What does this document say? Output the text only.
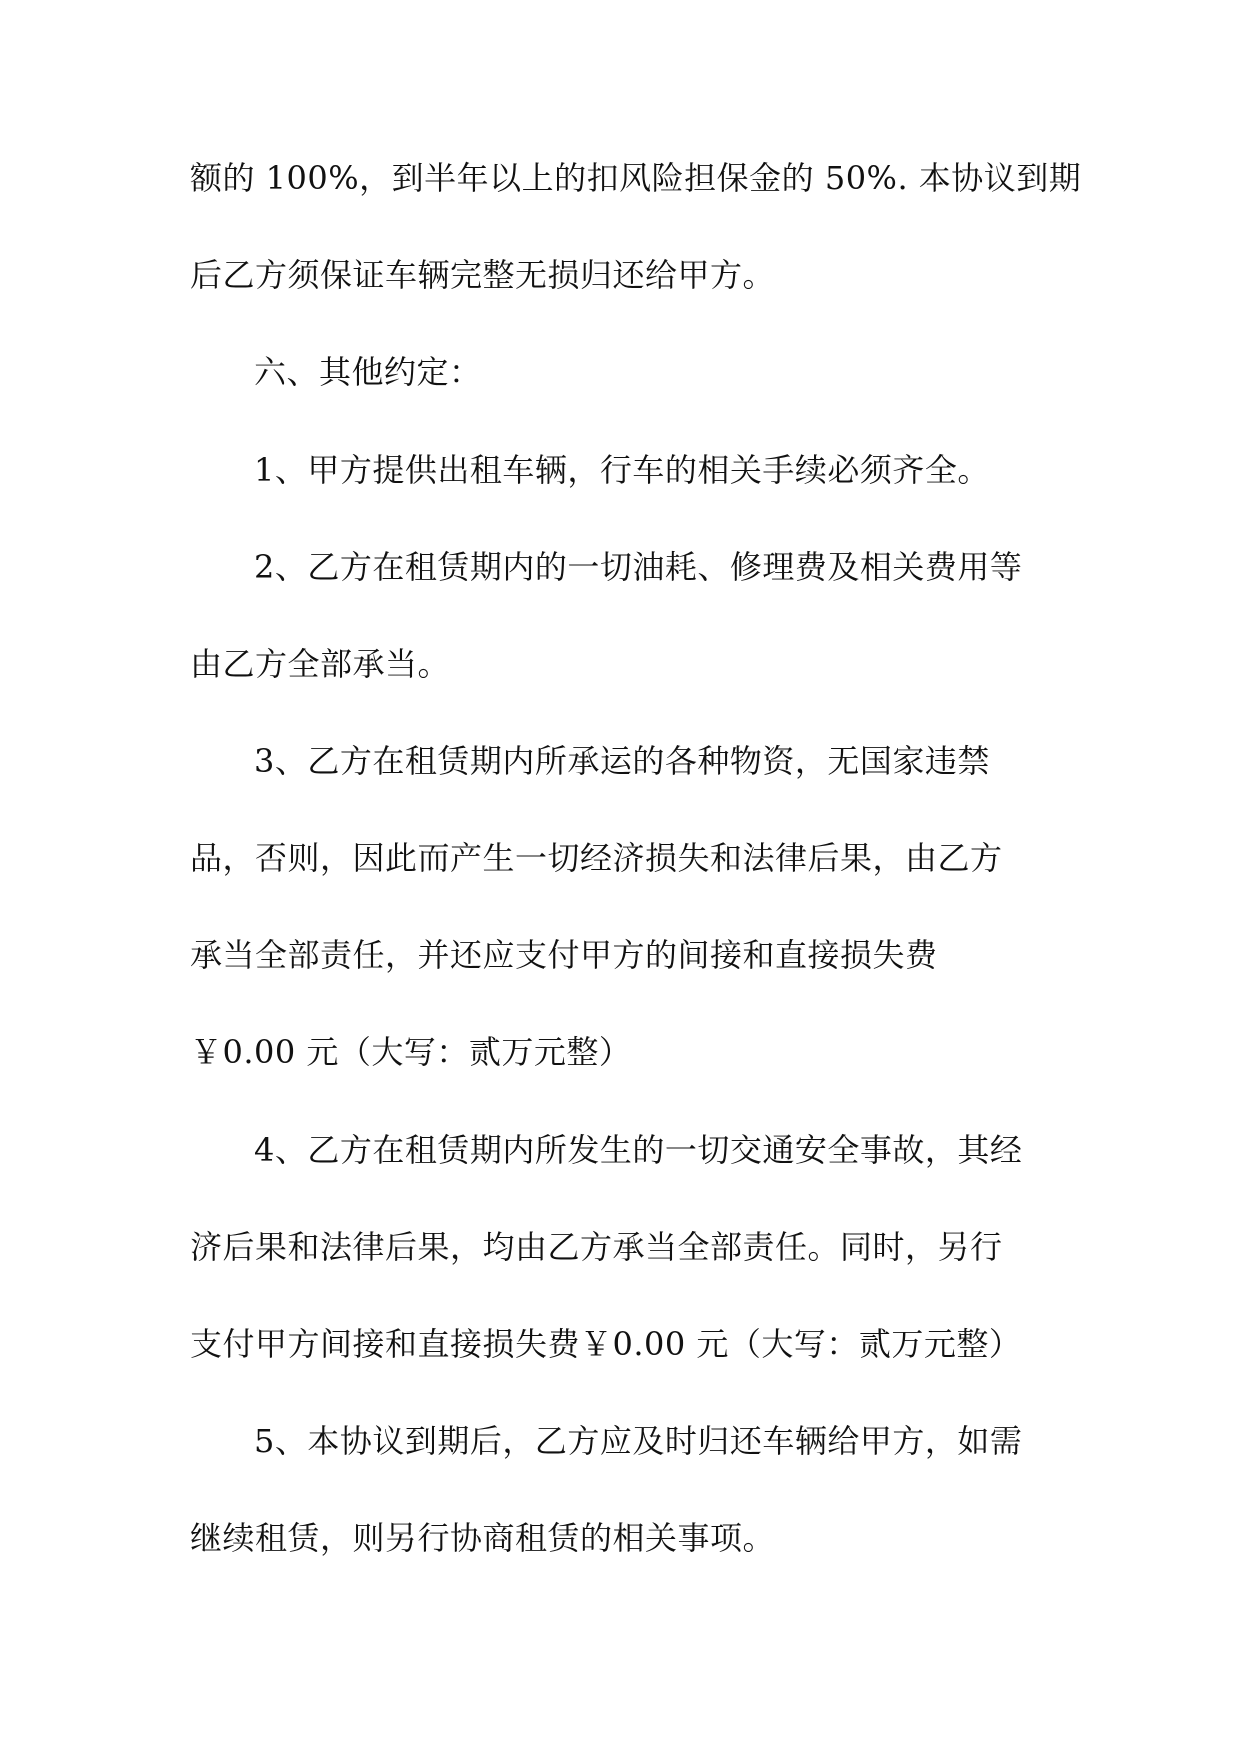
额的 100%，到半年以上的扣风险担保金的 50%. 本协议到期
后乙方须保证车辆完整无损归还给甲方。
六、其他约定：
1、甲方提供出租车辆，行车的相关手续必须齐全。
2、乙方在租赁期内的一切油耗、修理费及相关费用等
由乙方全部承当。
3、乙方在租赁期内所承运的各种物资，无国家违禁
品，否则，因此而产生一切经济损失和法律后果，由乙方
承当全部责任，并还应支付甲方的间接和直接损失费
￥0.00 元（大写：贰万元整）
4、乙方在租赁期内所发生的一切交通安全事故，其经
济后果和法律后果，均由乙方承当全部责任。同时，另行
支付甲方间接和直接损失费￥0.00 元（大写：贰万元整）
5、本协议到期后，乙方应及时归还车辆给甲方，如需
继续租赁，则另行协商租赁的相关事项。
